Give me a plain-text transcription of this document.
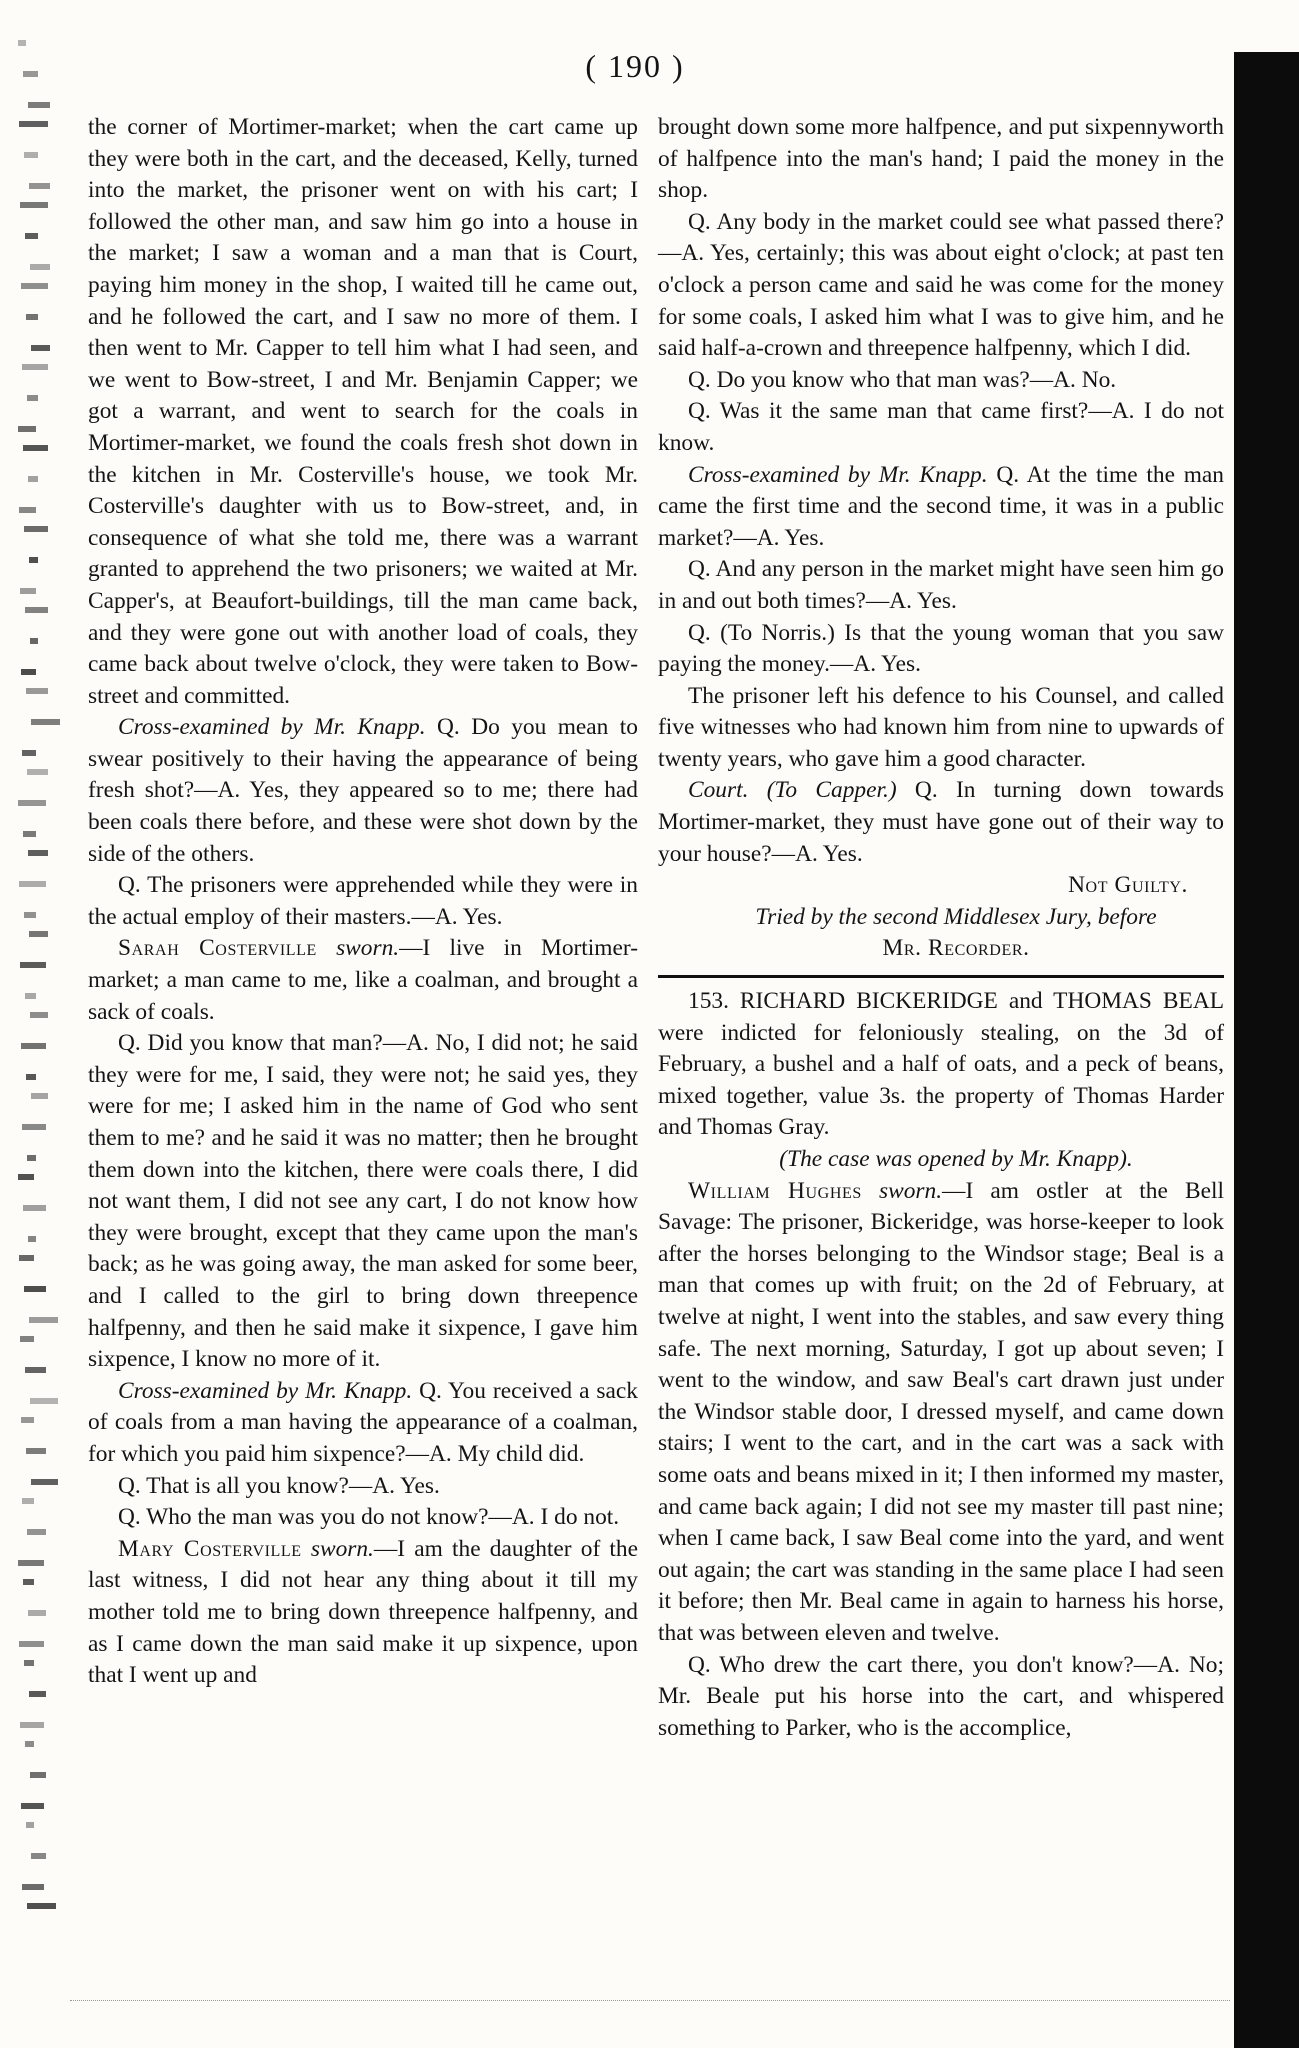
( 190 )

the corner of Mortimer-market; when the cart came up they were both in the cart, and the deceased, Kelly, turned into the market, the prisoner went on with his cart; I followed the other man, and saw him go into a house in the market; I saw a woman and a man that is Court, paying him money in the shop, I waited till he came out, and he followed the cart, and I saw no more of them. I then went to Mr. Capper to tell him what I had seen, and we went to Bow-street, I and Mr. Benjamin Capper; we got a warrant, and went to search for the coals in Mortimer-market, we found the coals fresh shot down in the kitchen in Mr. Costerville's house, we took Mr. Costerville's daughter with us to Bow-street, and, in consequence of what she told me, there was a warrant granted to apprehend the two prisoners; we waited at Mr. Capper's, at Beaufort-buildings, till the man came back, and they were gone out with another load of coals, they came back about twelve o'clock, they were taken to Bow-street and committed.

Cross-examined by Mr. Knapp. Q. Do you mean to swear positively to their having the appearance of being fresh shot?—A. Yes, they appeared so to me; there had been coals there before, and these were shot down by the side of the others.

Q. The prisoners were apprehended while they were in the actual employ of their masters.—A. Yes.

Sarah Costerville sworn.—I live in Mortimer-market; a man came to me, like a coalman, and brought a sack of coals.

Q. Did you know that man?—A. No, I did not; he said they were for me, I said, they were not; he said yes, they were for me; I asked him in the name of God who sent them to me? and he said it was no matter; then he brought them down into the kitchen, there were coals there, I did not want them, I did not see any cart, I do not know how they were brought, except that they came upon the man's back; as he was going away, the man asked for some beer, and I called to the girl to bring down threepence halfpenny, and then he said make it sixpence, I gave him sixpence, I know no more of it.

Cross-examined by Mr. Knapp. Q. You received a sack of coals from a man having the appearance of a coalman, for which you paid him sixpence?—A. My child did.

Q. That is all you know?—A. Yes.

Q. Who the man was you do not know?—A. I do not.

Mary Costerville sworn.—I am the daughter of the last witness, I did not hear any thing about it till my mother told me to bring down threepence halfpenny, and as I came down the man said make it up sixpence, upon that I went up and

brought down some more halfpence, and put sixpennyworth of halfpence into the man's hand; I paid the money in the shop.

Q. Any body in the market could see what passed there?—A. Yes, certainly; this was about eight o'clock; at past ten o'clock a person came and said he was come for the money for some coals, I asked him what I was to give him, and he said half-a-crown and threepence halfpenny, which I did.

Q. Do you know who that man was?—A. No.

Q. Was it the same man that came first?—A. I do not know.

Cross-examined by Mr. Knapp. Q. At the time the man came the first time and the second time, it was in a public market?—A. Yes.

Q. And any person in the market might have seen him go in and out both times?—A. Yes.

Q. (To Norris.) Is that the young woman that you saw paying the money.—A. Yes.

The prisoner left his defence to his Counsel, and called five witnesses who had known him from nine to upwards of twenty years, who gave him a good character.

Court. (To Capper.) Q. In turning down towards Mortimer-market, they must have gone out of their way to your house?—A. Yes.

Not Guilty.

Tried by the second Middlesex Jury, before

Mr. Recorder.

153. RICHARD BICKERIDGE and THOMAS BEAL were indicted for feloniously stealing, on the 3d of February, a bushel and a half of oats, and a peck of beans, mixed together, value 3s. the property of Thomas Harder and Thomas Gray.

(The case was opened by Mr. Knapp).

William Hughes sworn.—I am ostler at the Bell Savage: The prisoner, Bickeridge, was horse-keeper to look after the horses belonging to the Windsor stage; Beal is a man that comes up with fruit; on the 2d of February, at twelve at night, I went into the stables, and saw every thing safe. The next morning, Saturday, I got up about seven; I went to the window, and saw Beal's cart drawn just under the Windsor stable door, I dressed myself, and came down stairs; I went to the cart, and in the cart was a sack with some oats and beans mixed in it; I then informed my master, and came back again; I did not see my master till past nine; when I came back, I saw Beal come into the yard, and went out again; the cart was standing in the same place I had seen it before; then Mr. Beal came in again to harness his horse, that was between eleven and twelve.

Q. Who drew the cart there, you don't know?—A. No; Mr. Beale put his horse into the cart, and whispered something to Parker, who is the accomplice,
